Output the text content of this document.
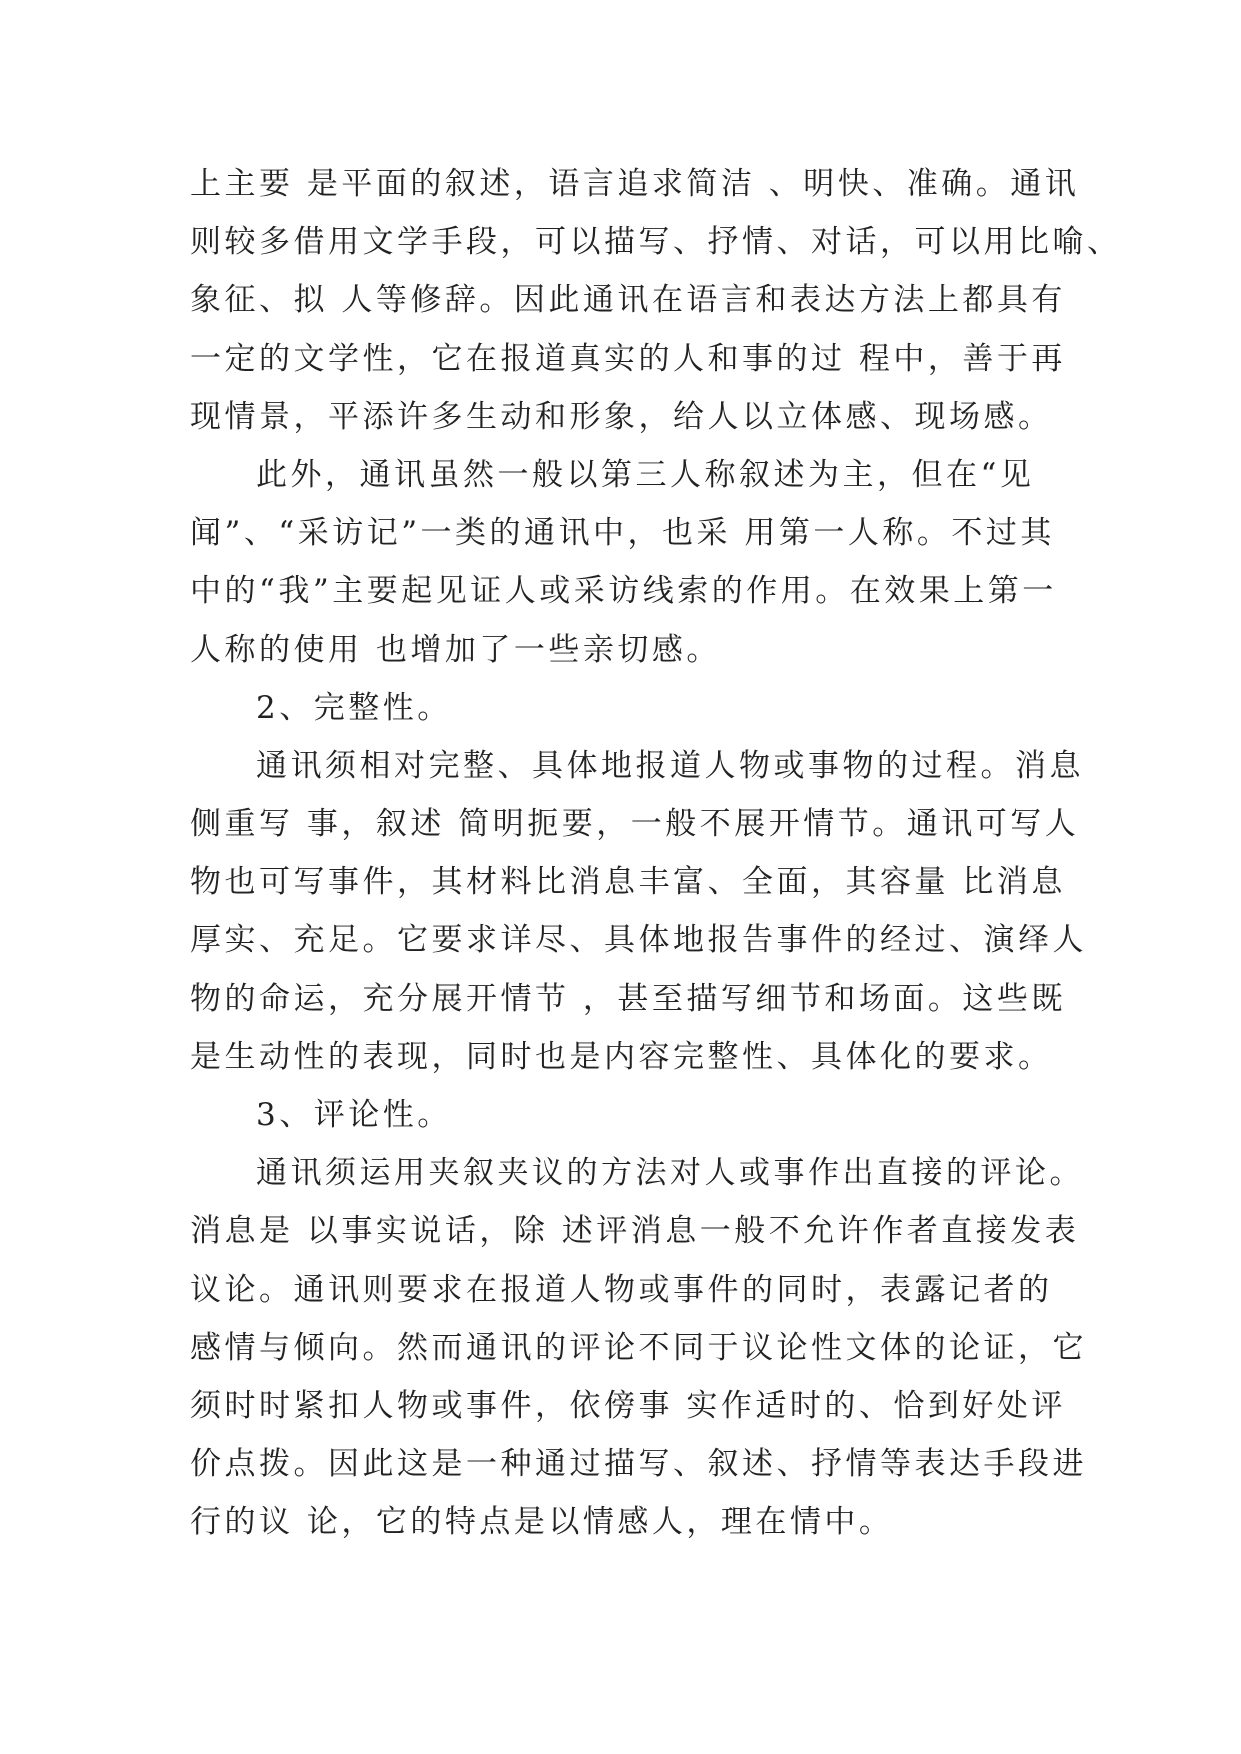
上主要 是平面的叙述，语言追求简洁 、明快、准确。通讯

则较多借用文学手段，可以描写、抒情、对话，可以用比喻、

象征、拟 人等修辞。因此通讯在语言和表达方法上都具有

一定的文学性，它在报道真实的人和事的过 程中，善于再

现情景，平添许多生动和形象，给人以立体感、现场感。

此外，通讯虽然一般以第三人称叙述为主，但在“见

闻”、“采访记”一类的通讯中，也采 用第一人称。不过其

中的“我”主要起见证人或采访线索的作用。在效果上第一

人称的使用 也增加了一些亲切感。

2、完整性。

通讯须相对完整、具体地报道人物或事物的过程。消息

侧重写 事，叙述 简明扼要，一般不展开情节。通讯可写人

物也可写事件，其材料比消息丰富、全面，其容量 比消息

厚实、充足。它要求详尽、具体地报告事件的经过、演绎人

物的命运，充分展开情节 ，甚至描写细节和场面。这些既

是生动性的表现，同时也是内容完整性、具体化的要求。

3、评论性。

通讯须运用夹叙夹议的方法对人或事作出直接的评论。

消息是 以事实说话，除 述评消息一般不允许作者直接发表

议论。通讯则要求在报道人物或事件的同时，表露记者的

感情与倾向。然而通讯的评论不同于议论性文体的论证，它

须时时紧扣人物或事件，依傍事 实作适时的、恰到好处评

价点拨。因此这是一种通过描写、叙述、抒情等表达手段进

行的议 论，它的特点是以情感人，理在情中。
